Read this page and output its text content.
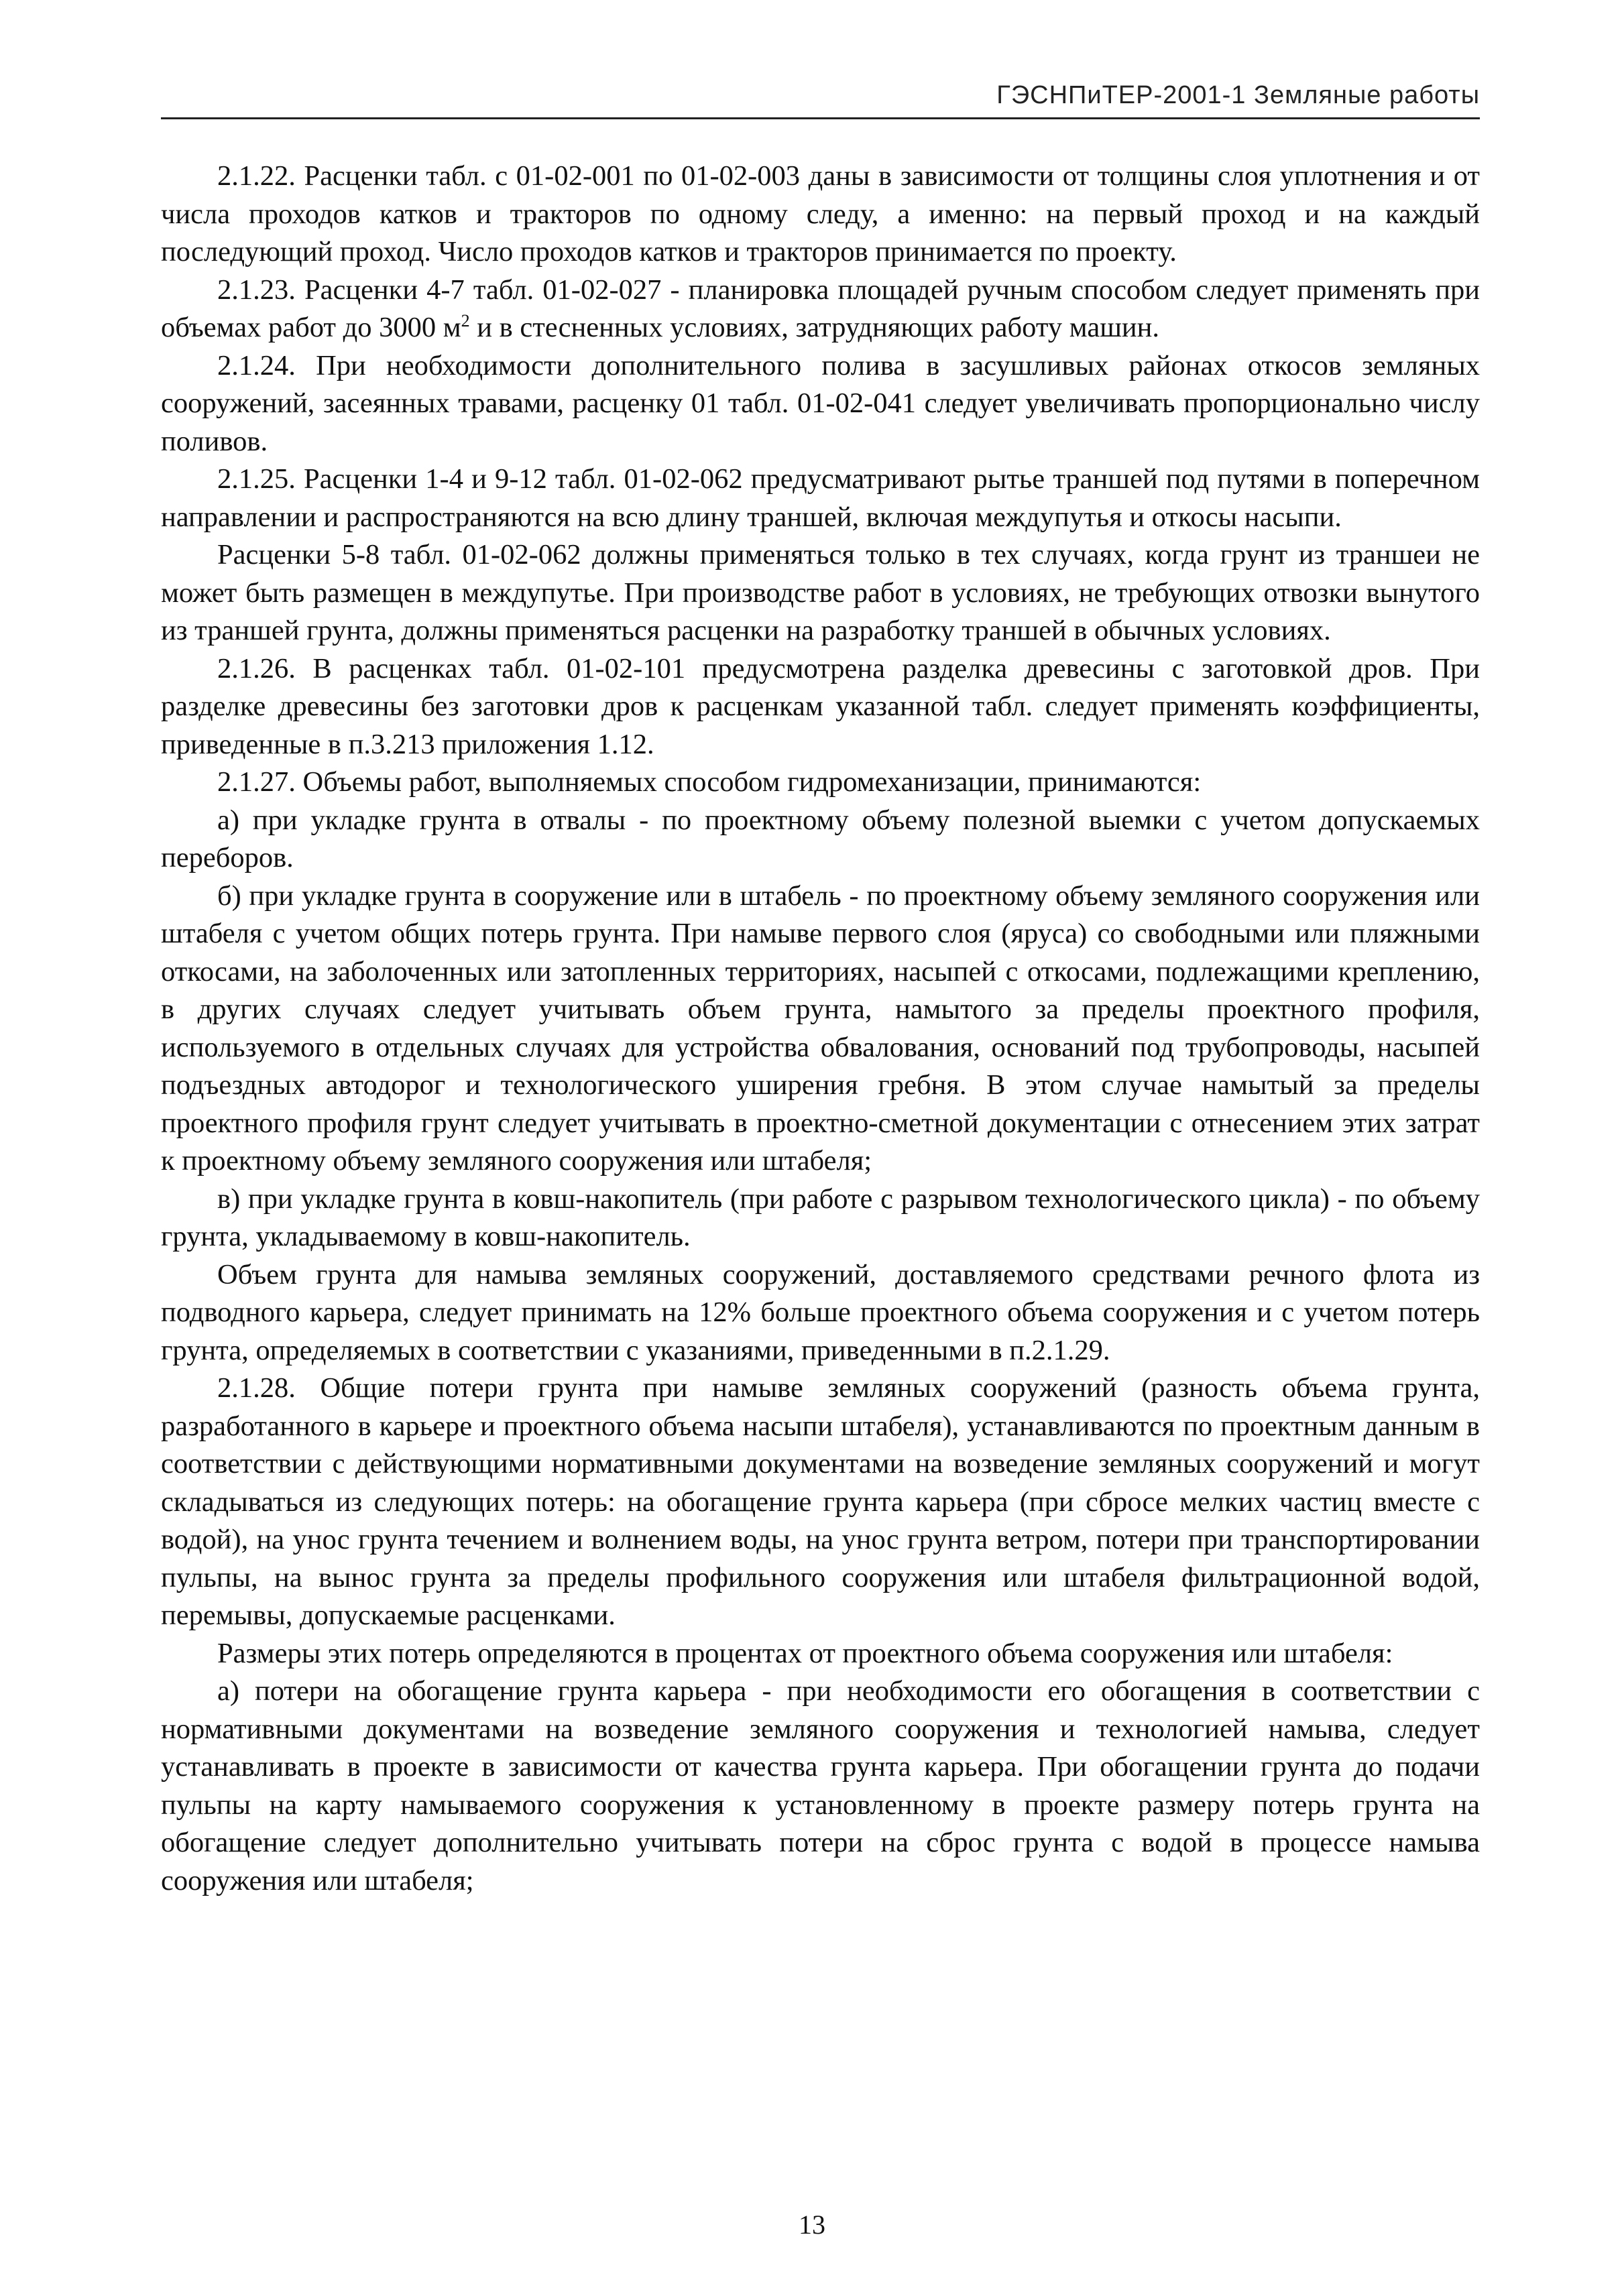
ГЭСНПиТЕР-2001-1 Земляные работы

2.1.22. Расценки табл. с 01-02-001 по 01-02-003 даны в зависимости от толщины слоя уплотнения и от числа проходов катков и тракторов по одному следу, а именно: на первый проход и на каждый последующий проход. Число проходов катков и тракторов принимается по проекту.

2.1.23. Расценки 4-7 табл. 01-02-027 - планировка площадей ручным способом следует применять при объемах работ до 3000 $м^2$ и в стесненных условиях, затрудняющих работу машин.

2.1.24. При необходимости дополнительного полива в засушливых районах откосов земляных сооружений, засеянных травами, расценку 01 табл. 01-02-041 следует увеличивать пропорционально числу поливов.

2.1.25. Расценки 1-4 и 9-12 табл. 01-02-062 предусматривают рытье траншей под путями в поперечном направлении и распространяются на всю длину траншей, включая междупутья и откосы насыпи.

Расценки 5-8 табл. 01-02-062 должны применяться только в тех случаях, когда грунт из траншеи не может быть размещен в междупутье. При производстве работ в условиях, не требующих отвозки вынутого из траншей грунта, должны применяться расценки на разработку траншей в обычных условиях.

2.1.26. В расценках табл. 01-02-101 предусмотрена разделка древесины с заготовкой дров. При разделке древесины без заготовки дров к расценкам указанной табл. следует применять коэффициенты, приведенные в п.3.213 приложения 1.12.

2.1.27. Объемы работ, выполняемых способом гидромеханизации, принимаются:

а) при укладке грунта в отвалы - по проектному объему полезной выемки с учетом допускаемых переборов.

б) при укладке грунта в сооружение или в штабель - по проектному объему земляного сооружения или штабеля с учетом общих потерь грунта. При намыве первого слоя (яруса) со свободными или пляжными откосами, на заболоченных или затопленных территориях, насыпей с откосами, подлежащими креплению, в других случаях следует учитывать объем грунта, намытого за пределы проектного профиля, используемого в отдельных случаях для устройства обвалования, оснований под трубопроводы, насыпей подъездных автодорог и технологического уширения гребня. В этом случае намытый за пределы проектного профиля грунт следует учитывать в проектно-сметной документации с отнесением этих затрат к проектному объему земляного сооружения или штабеля;

в) при укладке грунта в ковш-накопитель (при работе с разрывом технологического цикла) - по объему грунта, укладываемому в ковш-накопитель.

Объем грунта для намыва земляных сооружений, доставляемого средствами речного флота из подводного карьера, следует принимать на 12% больше проектного объема сооружения и с учетом потерь грунта, определяемых в соответствии с указаниями, приведенными в п.2.1.29.

2.1.28. Общие потери грунта при намыве земляных сооружений (разность объема грунта, разработанного в карьере и проектного объема насыпи штабеля), устанавливаются по проектным данным в соответствии с действующими нормативными документами на возведение земляных сооружений и могут складываться из следующих потерь: на обогащение грунта карьера (при сбросе мелких частиц вместе с водой), на унос грунта течением и волнением воды, на унос грунта ветром, потери при транспортировании пульпы, на вынос грунта за пределы профильного сооружения или штабеля фильтрационной водой, перемывы, допускаемые расценками.

Размеры этих потерь определяются в процентах от проектного объема сооружения или штабеля:

а) потери на обогащение грунта карьера - при необходимости его обогащения в соответствии с нормативными документами на возведение земляного сооружения и технологией намыва, следует устанавливать в проекте в зависимости от качества грунта карьера. При обогащении грунта до подачи пульпы на карту намываемого сооружения к установленному в проекте размеру потерь грунта на обогащение следует дополнительно учитывать потери на сброс грунта с водой в процессе намыва сооружения или штабеля;

13
